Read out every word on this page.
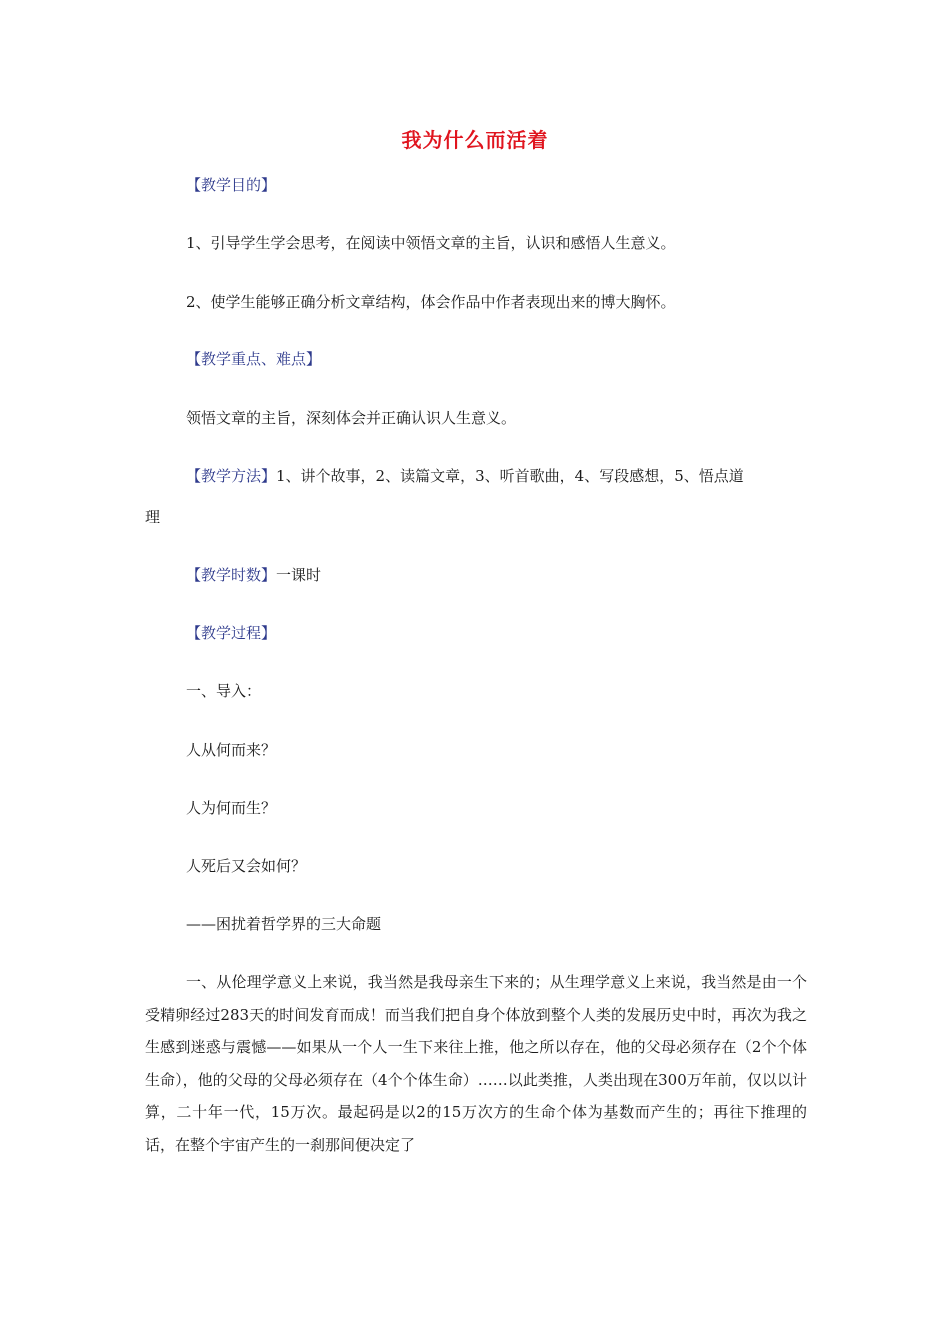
我为什么而活着
【教学目的】
1、引导学生学会思考，在阅读中领悟文章的主旨，认识和感悟人生意义。
2、使学生能够正确分析文章结构，体会作品中作者表现出来的博大胸怀。
【教学重点、难点】
领悟文章的主旨，深刻体会并正确认识人生意义。
【教学方法】1、讲个故事，2、读篇文章，3、听首歌曲，4、写段感想，5、悟点道
理
【教学时数】一课时
【教学过程】
一、导入：
人从何而来？
人为何而生？
人死后又会如何？
——困扰着哲学界的三大命题
一、从伦理学意义上来说，我当然是我母亲生下来的；从生理学意义上来说，我当然是由一个受精卵经过283天的时间发育而成！而当我们把自身个体放到整个人类的发展历史中时，再次为我之生感到迷惑与震憾——如果从一个人一生下来往上推，他之所以存在，他的父母必须存在（2个个体生命），他的父母的父母必须存在（4个个体生命）……以此类推，人类出现在300万年前，仅以以计算，二十年一代，15万次。最起码是以2的15万次方的生命个体为基数而产生的；再往下推理的话，在整个宇宙产生的一刹那间便决定了
